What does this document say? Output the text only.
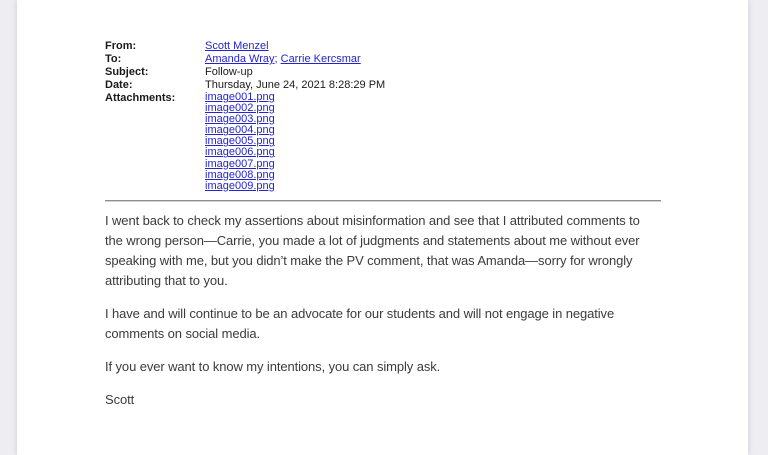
From:	Scott Menzel
To:	Amanda Wray; Carrie Kercsmar
Subject:	Follow-up
Date:	Thursday, June 24, 2021 8:28:29 PM
Attachments:	image001.png
image002.png
image003.png
image004.png
image005.png
image006.png
image007.png
image008.png
image009.png

I went back to check my assertions about misinformation and see that I attributed comments to the wrong person—Carrie, you made a lot of judgments and statements about me without ever speaking with me, but you didn’t make the PV comment, that was Amanda—sorry for wrongly attributing that to you.

I have and will continue to be an advocate for our students and will not engage in negative comments on social media.

If you ever want to know my intentions, you can simply ask.

Scott
